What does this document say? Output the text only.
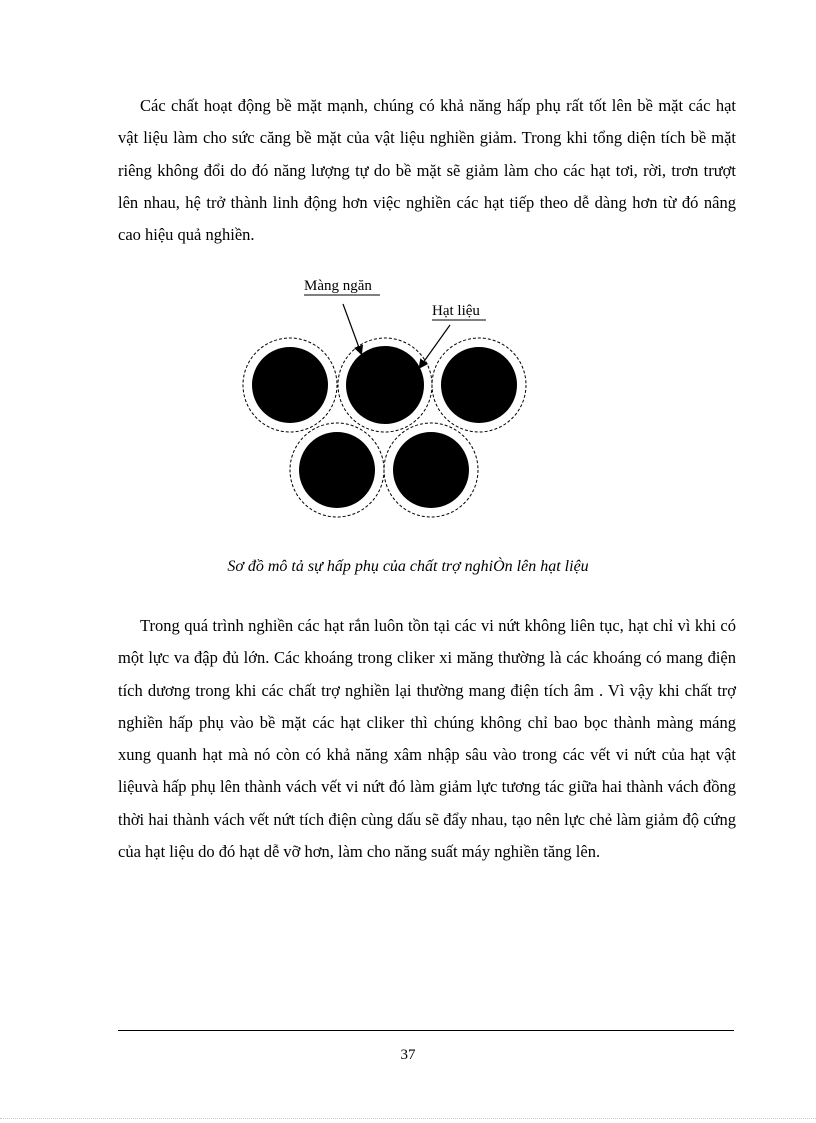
Các chất hoạt động bề mặt mạnh, chúng có khả năng hấp phụ rất tốt lên bề mặt các hạt vật liệu làm cho sức căng bề mặt của vật liệu nghiền giảm. Trong khi tổng diện tích bề mặt riêng không đổi do đó năng lượng tự do bề mặt sẽ giảm làm cho các hạt tơi, rời, trơn trượt lên nhau, hệ trở thành linh động hơn việc nghiền các hạt tiếp theo dễ dàng hơn từ đó nâng cao hiệu quả nghiền.

Màng ngăn
Hạt liệu
Sơ đồ mô tả sự hấp phụ của chất trợ nghiÒn lên hạt liệu

Trong quá trình nghiền các hạt rắn luôn tồn tại các vi nứt không liên tục, hạt chỉ vì khi có một lực va đập đủ lớn. Các khoáng trong cliker xi măng thường là các khoáng có mang điện tích dương trong khi các chất trợ nghiền lại thường mang điện tích âm . Vì vậy khi chất trợ nghiền hấp phụ vào bề mặt các hạt cliker thì chúng không chỉ bao bọc thành màng máng xung quanh hạt mà nó còn có khả năng xâm nhập sâu vào trong các vết vi nứt của hạt vật liệuvà hấp phụ lên thành vách vết vi nứt đó làm giảm lực tương tác giữa hai thành vách đồng thời hai thành vách vết nứt tích điện cùng dấu sẽ đẩy nhau, tạo nên lực chẻ làm giảm độ cứng của hạt liệu do đó hạt dễ vỡ hơn, làm cho năng suất máy nghiền tăng lên.

37
